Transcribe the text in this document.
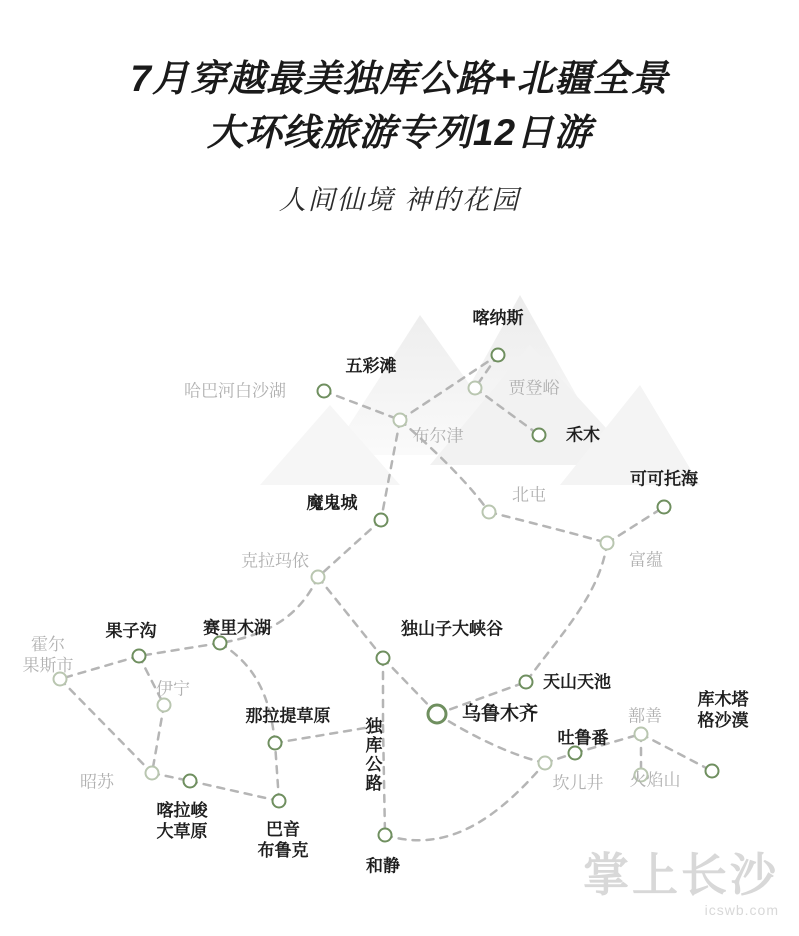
7月穿越最美独库公路+北疆全景
大环线旅游专列12日游
人间仙境 神的花园
喀纳斯
贾登峪
五彩滩
哈巴河白沙湖
布尔津	禾木
可可托海
北屯
魔鬼城
富蕴
克拉玛依
果子沟	赛里木湖	独山子大峡谷
霍尔
果斯市
天山天池
伊宁
乌鲁木齐
那拉提草原
库木塔
格沙漠
鄯善
吐鲁番
火焰山
坎儿井
昭苏
喀拉峻
大草原	巴音
布鲁克
和静
独库公路
掌上长沙
icswb.com
